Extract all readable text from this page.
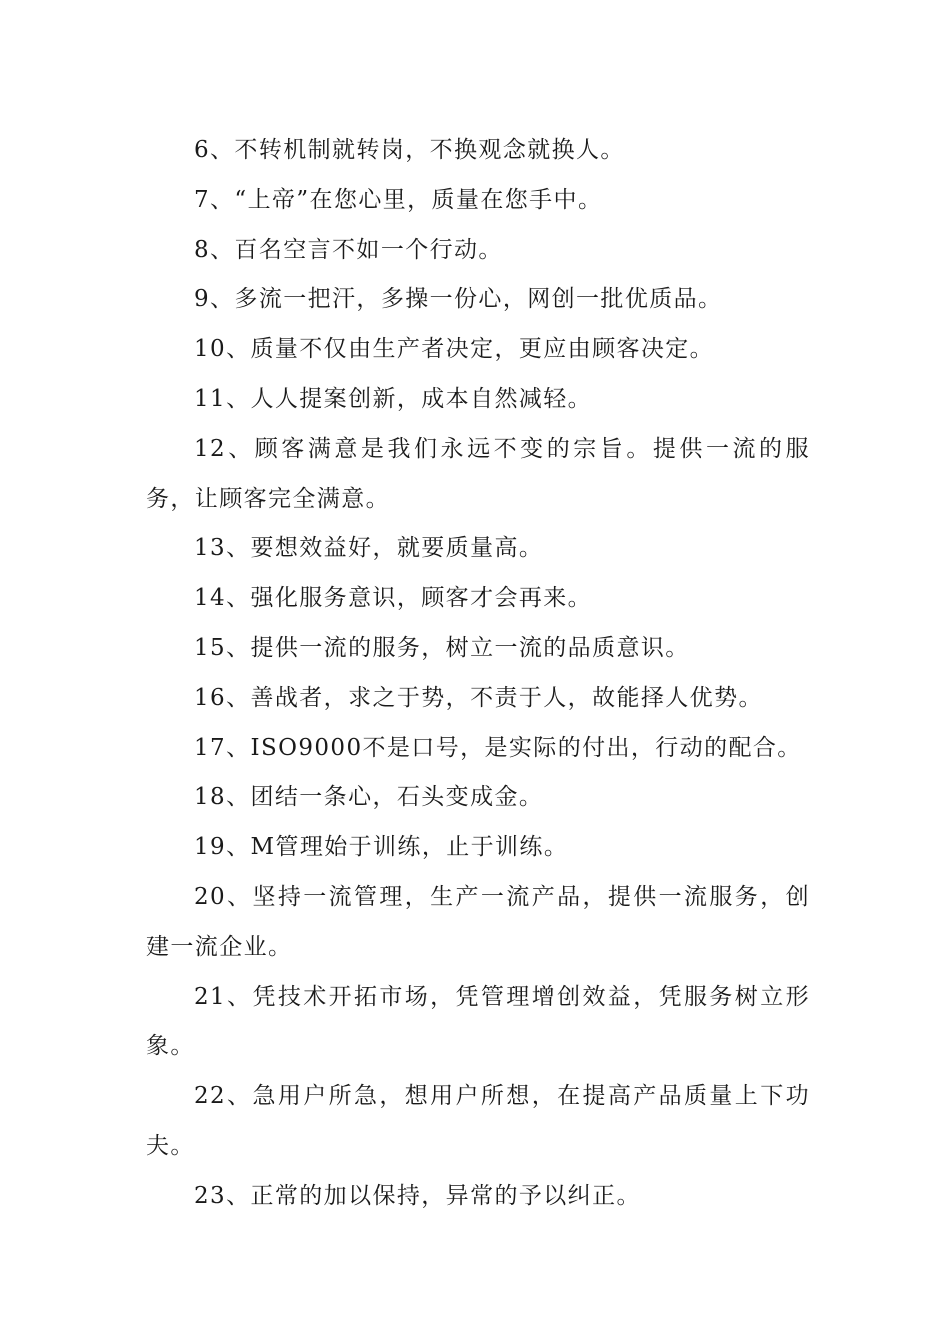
6、不转机制就转岗，不换观念就换人。

7、“上帝”在您心里，质量在您手中。

8、百名空言不如一个行动。

9、多流一把汗，多操一份心，网创一批优质品。

10、质量不仅由生产者决定，更应由顾客决定。

11、人人提案创新，成本自然减轻。

12、顾客满意是我们永远不变的宗旨。提供一流的服务，让顾客完全满意。

13、要想效益好，就要质量高。

14、强化服务意识，顾客才会再来。

15、提供一流的服务，树立一流的品质意识。

16、善战者，求之于势，不责于人，故能择人优势。

17、ISO9000不是口号，是实际的付出，行动的配合。

18、团结一条心，石头变成金。

19、M管理始于训练，止于训练。

20、坚持一流管理，生产一流产品，提供一流服务，创建一流企业。

21、凭技术开拓市场，凭管理增创效益，凭服务树立形象。

22、急用户所急，想用户所想，在提高产品质量上下功夫。

23、正常的加以保持，异常的予以纠正。
